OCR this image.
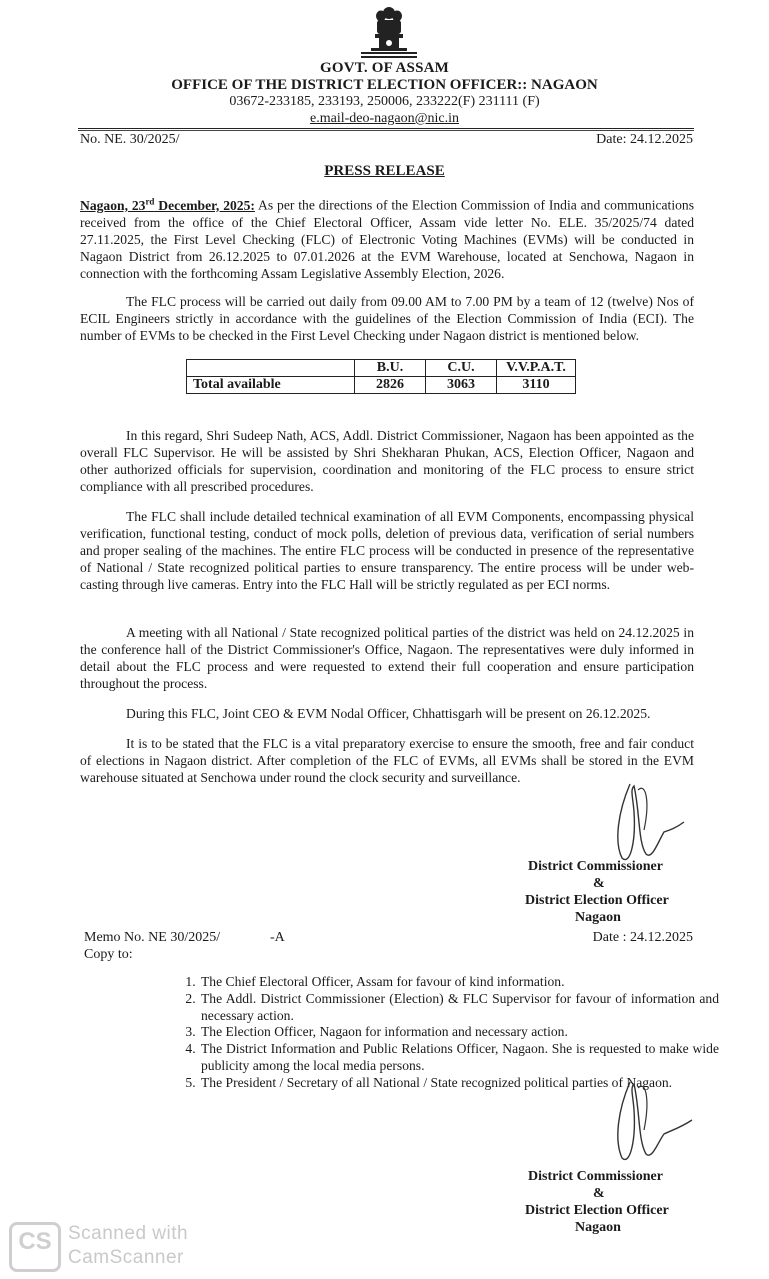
GOVT. OF ASSAM
OFFICE OF THE DISTRICT ELECTION OFFICER:: NAGAON
03672-233185, 233193, 250006, 233222(F) 231111 (F)
e.mail-deo-nagaon@nic.in
No. NE. 30/2025/	Date: 24.12.2025
PRESS RELEASE
Nagaon, 23rd December, 2025: As per the directions of the Election Commission of India and communications received from the office of the Chief Electoral Officer, Assam vide letter No. ELE. 35/2025/74 dated 27.11.2025, the First Level Checking (FLC) of Electronic Voting Machines (EVMs) will be conducted in Nagaon District from 26.12.2025 to 07.01.2026 at the EVM Warehouse, located at Senchowa, Nagaon in connection with the forthcoming Assam Legislative Assembly Election, 2026.
The FLC process will be carried out daily from 09.00 AM to 7.00 PM by a team of 12 (twelve) Nos of ECIL Engineers strictly in accordance with the guidelines of the Election Commission of India (ECI). The number of EVMs to be checked in the First Level Checking under Nagaon district is mentioned below.
	B.U.	C.U.	V.V.P.A.T.
Total available	2826	3063	3110
In this regard, Shri Sudeep Nath, ACS, Addl. District Commissioner, Nagaon has been appointed as the overall FLC Supervisor. He will be assisted by Shri Shekharan Phukan, ACS, Election Officer, Nagaon and other authorized officials for supervision, coordination and monitoring of the FLC process to ensure strict compliance with all prescribed procedures.
The FLC shall include detailed technical examination of all EVM Components, encompassing physical verification, functional testing, conduct of mock polls, deletion of previous data, verification of serial numbers and proper sealing of the machines. The entire FLC process will be conducted in presence of the representative of National / State recognized political parties to ensure transparency. The entire process will be under web-casting through live cameras. Entry into the FLC Hall will be strictly regulated as per ECI norms.
A meeting with all National / State recognized political parties of the district was held on 24.12.2025 in the conference hall of the District Commissioner's Office, Nagaon. The representatives were duly informed in detail about the FLC process and were requested to extend their full cooperation and ensure participation throughout the process.
During this FLC, Joint CEO & EVM Nodal Officer, Chhattisgarh will be present on 26.12.2025.
It is to be stated that the FLC is a vital preparatory exercise to ensure the smooth, free and fair conduct of elections in Nagaon district. After completion of the FLC of EVMs, all EVMs shall be stored in the EVM warehouse situated at Senchowa under round the clock security and surveillance.
District Commissioner
&
District Election Officer
Nagaon
Memo No. NE 30/2025/	-A	Date : 24.12.2025
Copy to:
1. The Chief Electoral Officer, Assam for favour of kind information.
2. The Addl. District Commissioner (Election) & FLC Supervisor for favour of information and necessary action.
3. The Election Officer, Nagaon for information and necessary action.
4. The District Information and Public Relations Officer, Nagaon. She is requested to make wide publicity among the local media persons.
5. The President / Secretary of all National / State recognized political parties of Nagaon.
District Commissioner
&
District Election Officer
Nagaon
CS Scanned with
CamScanner
